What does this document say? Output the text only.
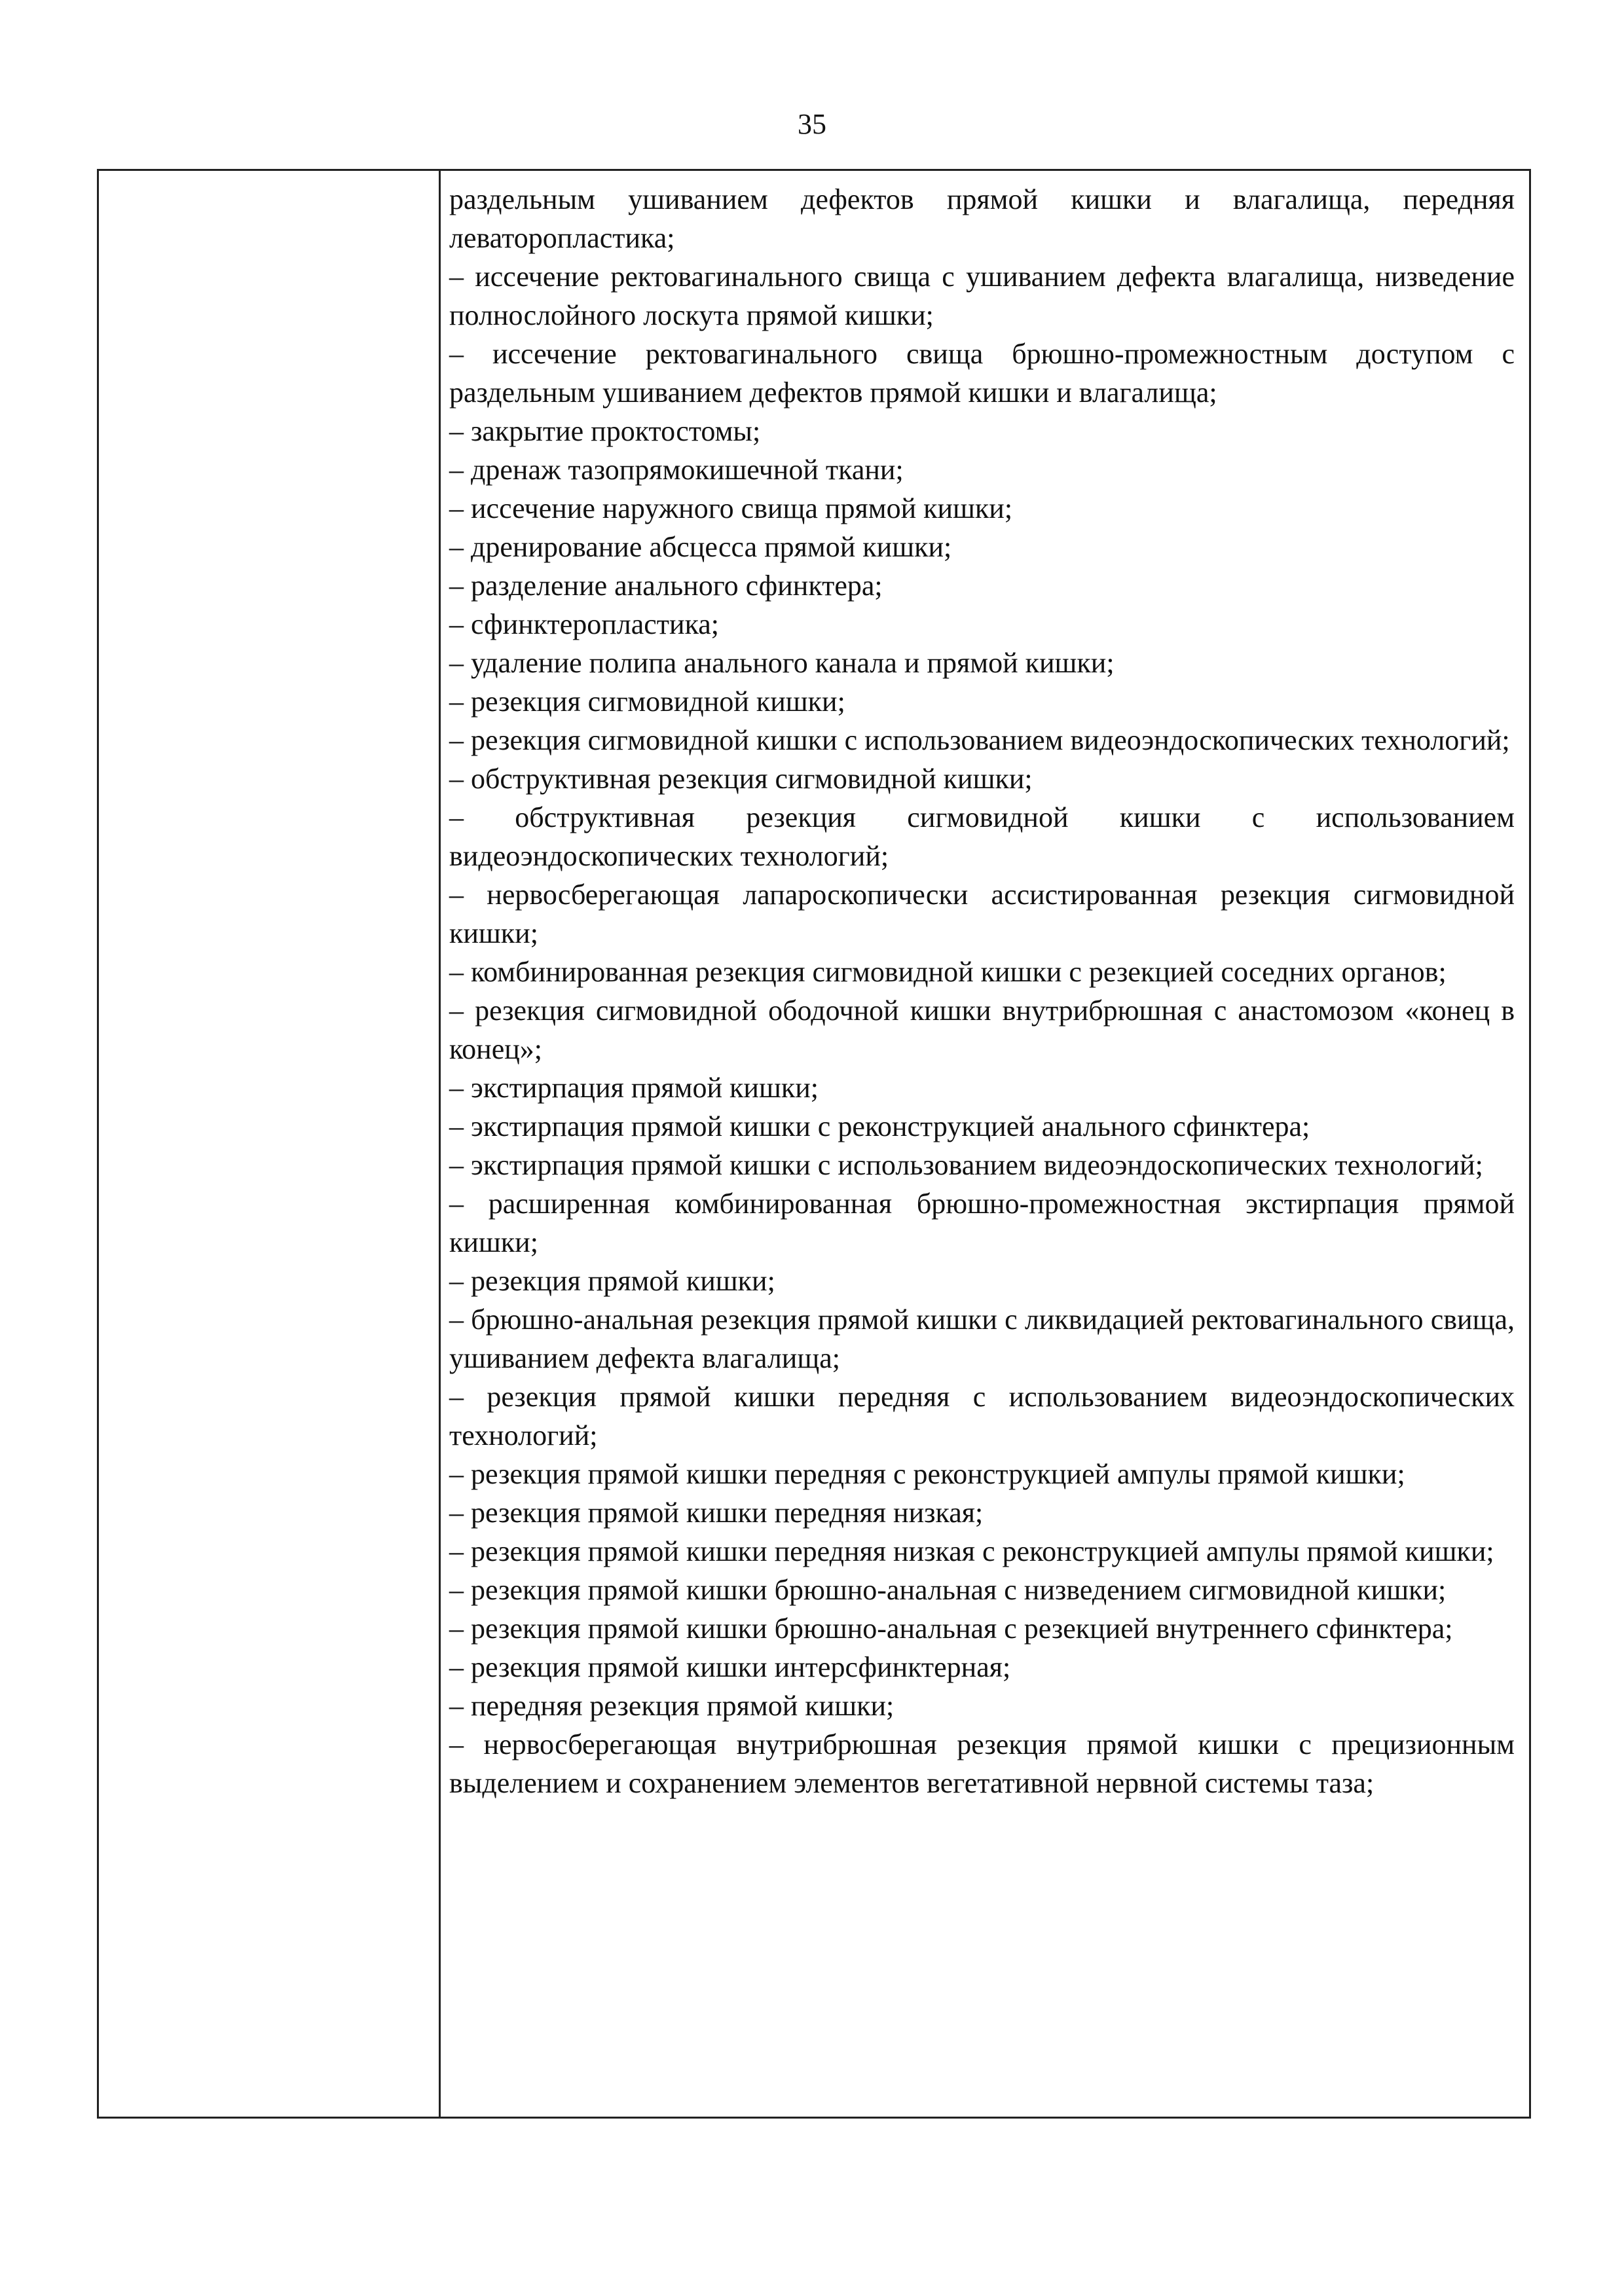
35

раздельным ушиванием дефектов прямой кишки и влагалища, передняя леваторопластика;

– иссечение ректовагинального свища с ушиванием дефекта влагалища, низведение полнослойного лоскута прямой кишки;

– иссечение ректовагинального свища брюшно-промежностным доступом с раздельным ушиванием дефектов прямой кишки и влагалища;

– закрытие проктостомы;

– дренаж тазопрямокишечной ткани;

– иссечение наружного свища прямой кишки;

– дренирование абсцесса прямой кишки;

– разделение анального сфинктера;

– сфинктеропластика;

– удаление полипа анального канала и прямой кишки;

– резекция сигмовидной кишки;

– резекция сигмовидной кишки с использованием видеоэндоскопических технологий;

– обструктивная резекция сигмовидной кишки;

– обструктивная резекция сигмовидной кишки с использованием видеоэндоскопических технологий;

– нервосберегающая лапароскопически ассистированная резекция сигмовидной кишки;

– комбинированная резекция сигмовидной кишки с резекцией соседних органов;

– резекция сигмовидной ободочной кишки внутрибрюшная с анастомозом «конец в конец»;

– экстирпация прямой кишки;

– экстирпация прямой кишки с реконструкцией анального сфинктера;

– экстирпация прямой кишки с использованием видеоэндоскопических технологий;

– расширенная комбинированная брюшно-промежностная экстирпация прямой кишки;

– резекция прямой кишки;

– брюшно-анальная резекция прямой кишки с ликвидацией ректовагинального свища, ушиванием дефекта влагалища;

– резекция прямой кишки передняя с использованием видеоэндоскопических технологий;

– резекция прямой кишки передняя с реконструкцией ампулы прямой кишки;

– резекция прямой кишки передняя низкая;

– резекция прямой кишки передняя низкая с реконструкцией ампулы прямой кишки;

– резекция прямой кишки брюшно-анальная с низведением сигмовидной кишки;

– резекция прямой кишки брюшно-анальная с резекцией внутреннего сфинктера;

– резекция прямой кишки интерсфинктерная;

– передняя резекция прямой кишки;

– нервосберегающая внутрибрюшная резекция прямой кишки с прецизионным выделением и сохранением элементов вегетативной нервной системы таза;
